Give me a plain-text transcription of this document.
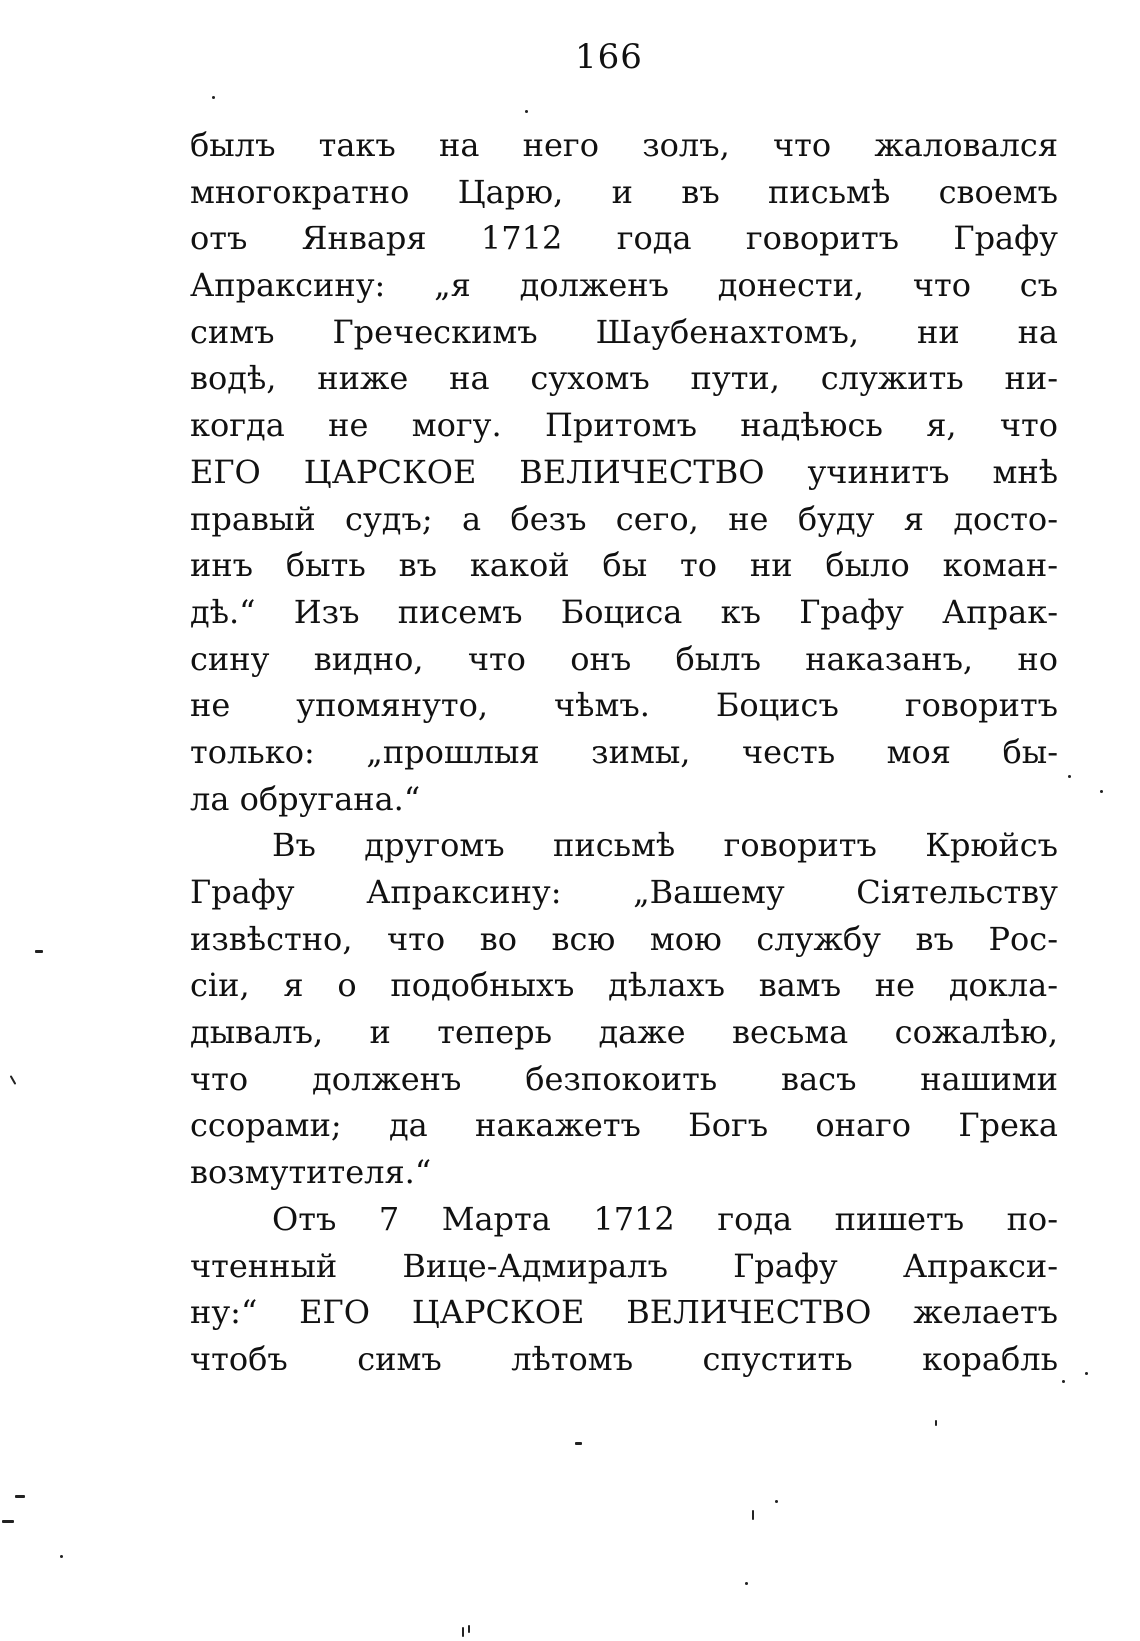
166
былъ такъ на него золъ, что жаловался
многократно Царю, и въ письмѣ своемъ
отъ Января 1712 года говоритъ Графу
Апраксину: „я долженъ донести, что съ
симъ Греческимъ Шаубенахтомъ, ни на
водѣ, ниже на сухомъ пути, служить ни-
когда не могу. Притомъ надѣюсь я, что
ЕГО ЦАРСКОЕ ВЕЛИЧЕСТВО учинитъ мнѣ
правый судъ; а безъ сего, не буду я досто-
инъ быть въ какой бы то ни было коман-
дѣ.“ Изъ писемъ Боциса къ Графу Апрак-
сину видно, что онъ былъ наказанъ, но
не упомянуто, чѣмъ. Боцисъ говоритъ
только: „прошлыя зимы, честь моя бы-
ла обругана.“
Въ другомъ письмѣ говоритъ Крюйсъ
Графу Апраксину: „Вашему Сіятельству
извѣстно, что во всю мою службу въ Рос-
сіи, я о подобныхъ дѣлахъ вамъ не докла-
дывалъ, и теперь даже весьма сожалѣю,
что долженъ безпокоить васъ нашими
ссорами; да накажетъ Богъ онаго Грека
возмутителя.“
Отъ 7 Марта 1712 года пишетъ по-
чтенный Вице-Адмиралъ Графу Апракси-
ну:“ ЕГО ЦАРСКОЕ ВЕЛИЧЕСТВО желаетъ
чтобъ симъ лѣтомъ спустить корабль
